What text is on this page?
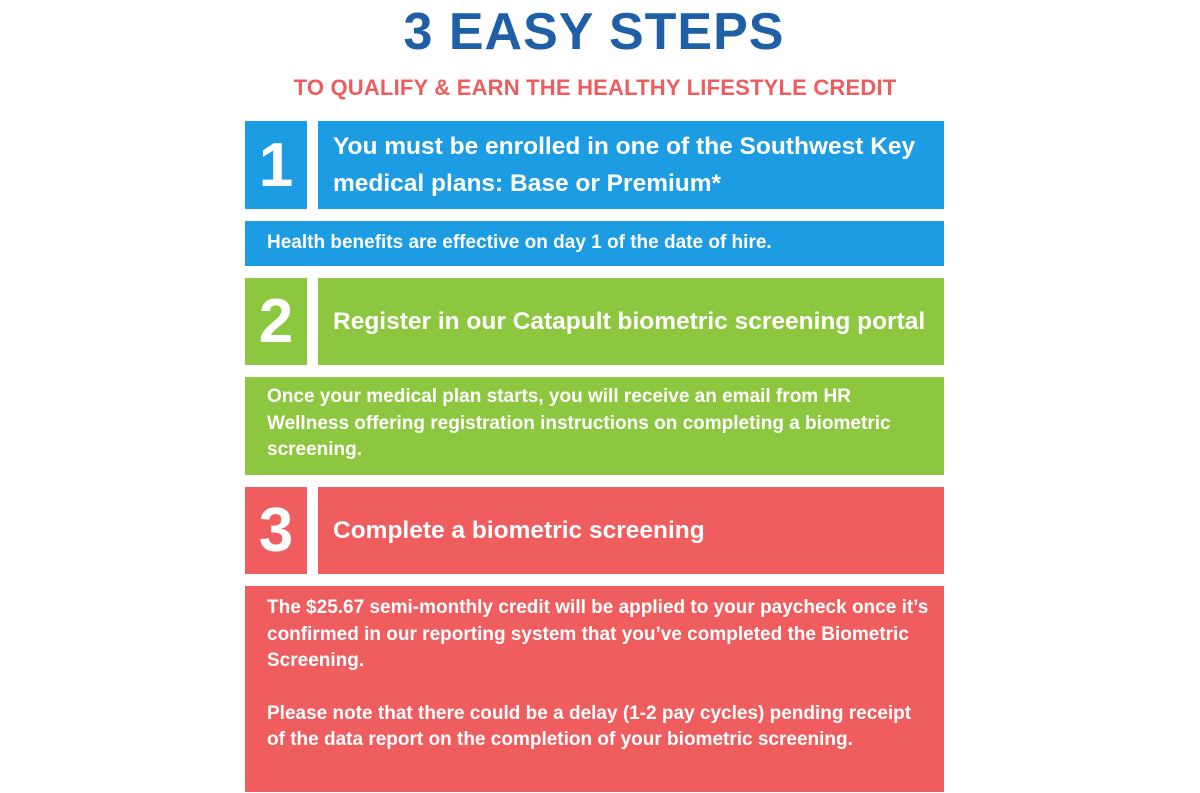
3 EASY STEPS
TO QUALIFY & EARN THE HEALTHY LIFESTYLE CREDIT
1	You must be enrolled in one of the Southwest Key medical plans: Base or Premium*

Health benefits are effective on day 1 of the date of hire.

2	Register in our Catapult biometric screening portal

Once your medical plan starts, you will receive an email from HR Wellness offering registration instructions on completing a biometric screening.

3	Complete a biometric screening

The $25.67 semi-monthly credit will be applied to your paycheck once it’s confirmed in our reporting system that you’ve completed the Biometric Screening.

Please note that there could be a delay (1-2 pay cycles) pending receipt of the data report on the completion of your biometric screening.
